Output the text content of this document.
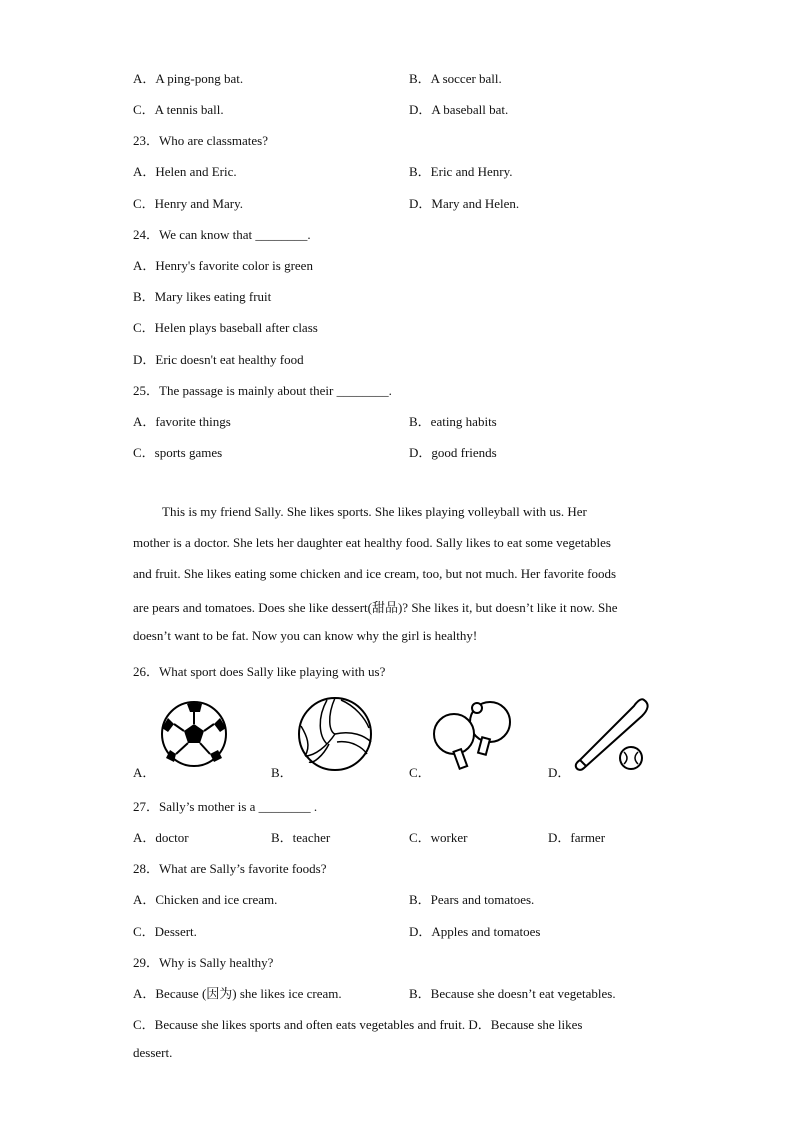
A．A ping-pong bat.	B．A soccer ball.
C．A tennis ball.	D．A baseball bat.
23．Who are classmates?
A．Helen and Eric.	B．Eric and Henry.
C．Henry and Mary.	D．Mary and Helen.
24．We can know that ________.
A．Henry's favorite color is green
B．Mary likes eating fruit
C．Helen plays baseball after class
D．Eric doesn't eat healthy food
25．The passage is mainly about their ________.
A．favorite things	B．eating habits
C．sports games	D．good friends
This is my friend Sally. She likes sports. She likes playing volleyball with us. Her
mother is a doctor. She lets her daughter eat healthy food. Sally likes to eat some vegetables
and fruit. She likes eating some chicken and ice cream, too, but not much. Her favorite foods
are pears and tomatoes. Does she like dessert(甜品)? She likes it, but doesn’t like it now. She
doesn’t want to be fat. Now you can know why the girl is healthy!
26．What sport does Sally like playing with us?
A．	B．	C．	D．
27．Sally’s mother is a ________ .
A．doctor	B．teacher	C．worker	D．farmer
28．What are Sally’s favorite foods?
A．Chicken and ice cream.	B．Pears and tomatoes.
C．Dessert.	D．Apples and tomatoes
29．Why is Sally healthy?
A．Because (因为) she likes ice cream.	B．Because she doesn’t eat vegetables.
C．Because she likes sports and often eats vegetables and fruit. D．Because she likes
dessert.
